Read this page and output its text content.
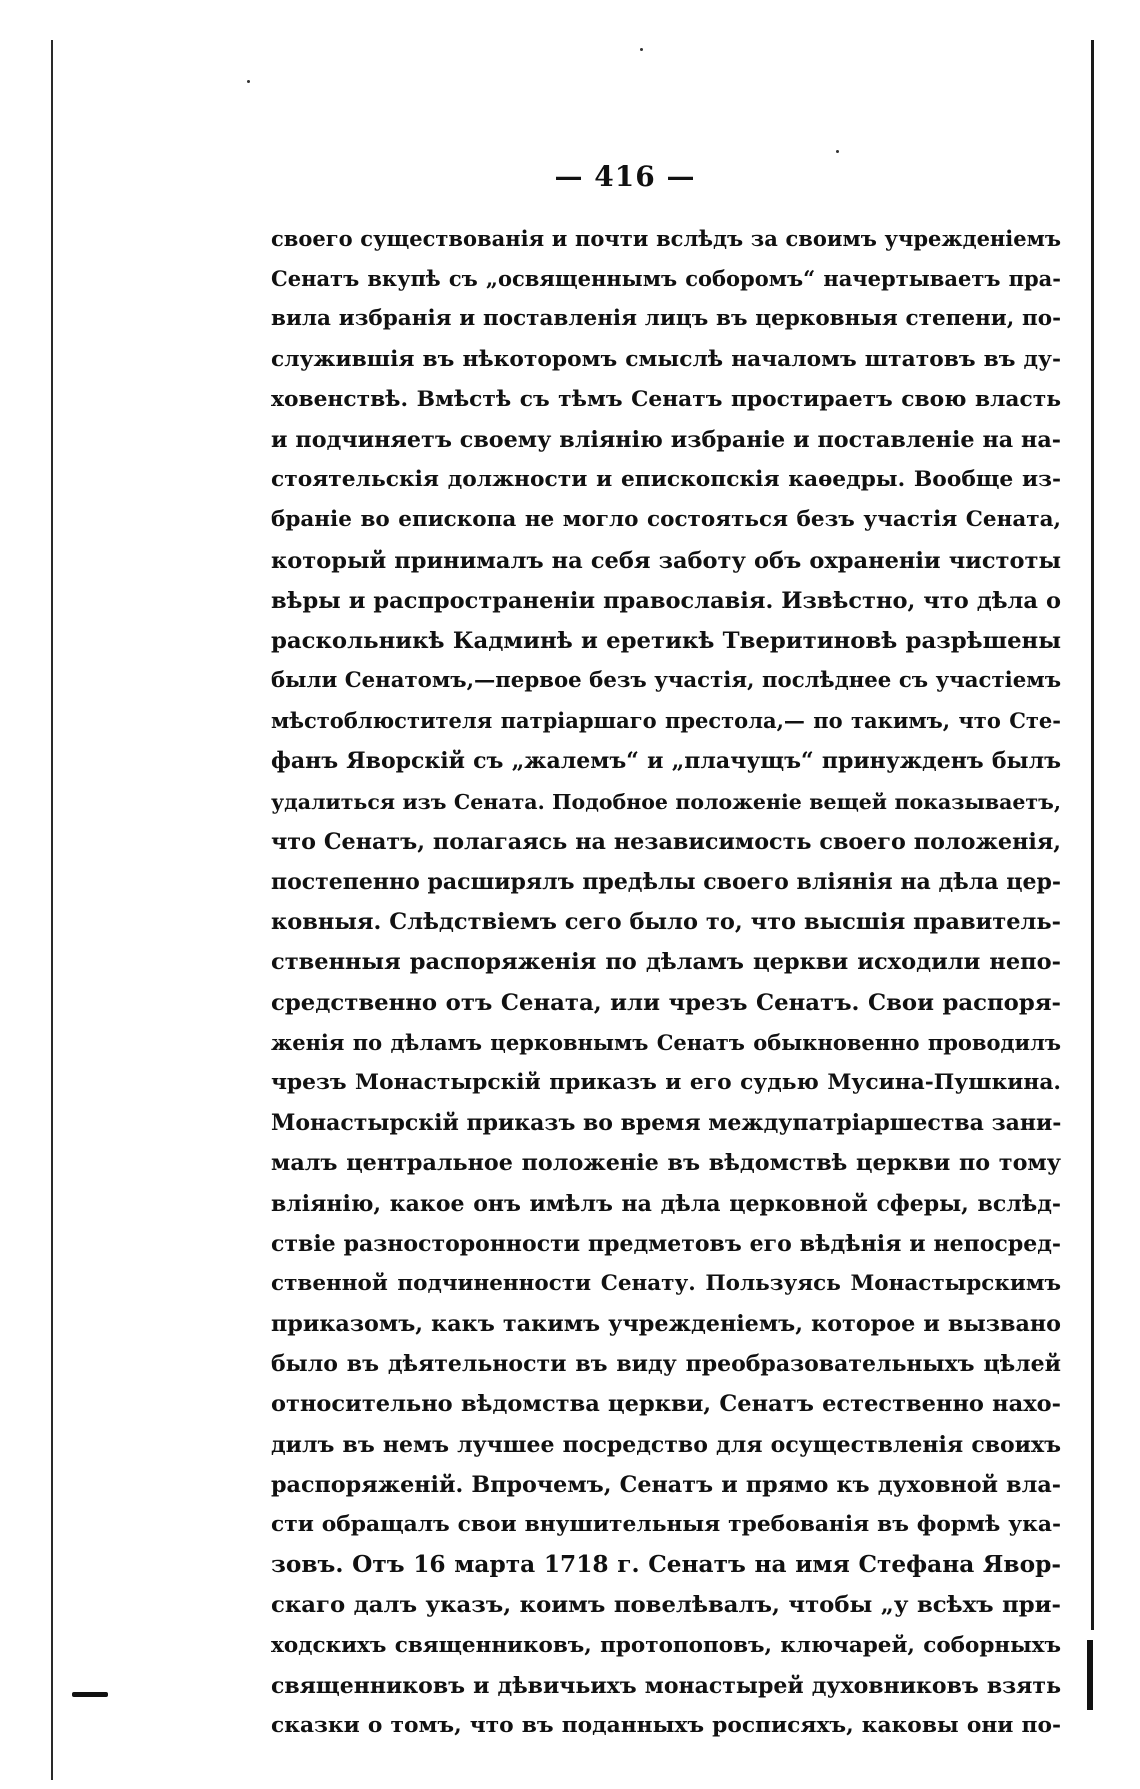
— 416 —
своего существованія и почти вслѣдъ за своимъ учрежденіемъ
Сенатъ вкупѣ съ „освященнымъ соборомъ“ начертываетъ пра-
вила избранія и поставленія лицъ въ церковныя степени, по-
служившія въ нѣкоторомъ смыслѣ началомъ штатовъ въ ду-
ховенствѣ. Вмѣстѣ съ тѣмъ Сенатъ простираетъ свою власть
и подчиняетъ своему вліянію избраніе и поставленіе на на-
стоятельскія должности и епископскія каѳедры. Вообще из-
браніе во епископа не могло состояться безъ участія Сената,
который принималъ на себя заботу объ охраненіи чистоты
вѣры и распространеніи православія. Извѣстно, что дѣла о
раскольникѣ Кадминѣ и еретикѣ Тверитиновѣ разрѣшены
были Сенатомъ,—первое безъ участія, послѣднее съ участіемъ
мѣстоблюстителя патріаршаго престола,— по такимъ, что Сте-
фанъ Яворскій съ „жалемъ“ и „плачущъ“ принужденъ былъ
удалиться изъ Сената. Подобное положеніе вещей показываетъ,
что Сенатъ, полагаясь на независимость своего положенія,
постепенно расширялъ предѣлы своего вліянія на дѣла цер-
ковныя. Слѣдствіемъ сего было то, что высшія правитель-
ственныя распоряженія по дѣламъ церкви исходили непо-
средственно отъ Сената, или чрезъ Сенатъ. Свои распоря-
женія по дѣламъ церковнымъ Сенатъ обыкновенно проводилъ
чрезъ Монастырскій приказъ и его судью Мусина-Пушкина.
Монастырскій приказъ во время междупатріаршества зани-
малъ центральное положеніе въ вѣдомствѣ церкви по тому
вліянію, какое онъ имѣлъ на дѣла церковной сферы, вслѣд-
ствіе разносторонности предметовъ его вѣдѣнія и непосред-
ственной подчиненности Сенату. Пользуясь Монастырскимъ
приказомъ, какъ такимъ учрежденіемъ, которое и вызвано
было въ дѣятельности въ виду преобразовательныхъ цѣлей
относительно вѣдомства церкви, Сенатъ естественно нахо-
дилъ въ немъ лучшее посредство для осуществленія своихъ
распоряженій. Впрочемъ, Сенатъ и прямо къ духовной вла-
сти обращалъ свои внушительныя требованія въ формѣ ука-
зовъ. Отъ 16 марта 1718 г. Сенатъ на имя Стефана Явор-
скаго далъ указъ, коимъ повелѣвалъ, чтобы „у всѣхъ при-
ходскихъ священниковъ, протопоповъ, ключарей, соборныхъ
священниковъ и дѣвичьихъ монастырей духовниковъ взять
сказки о томъ, что въ поданныхъ росписяхъ, каковы они по-
